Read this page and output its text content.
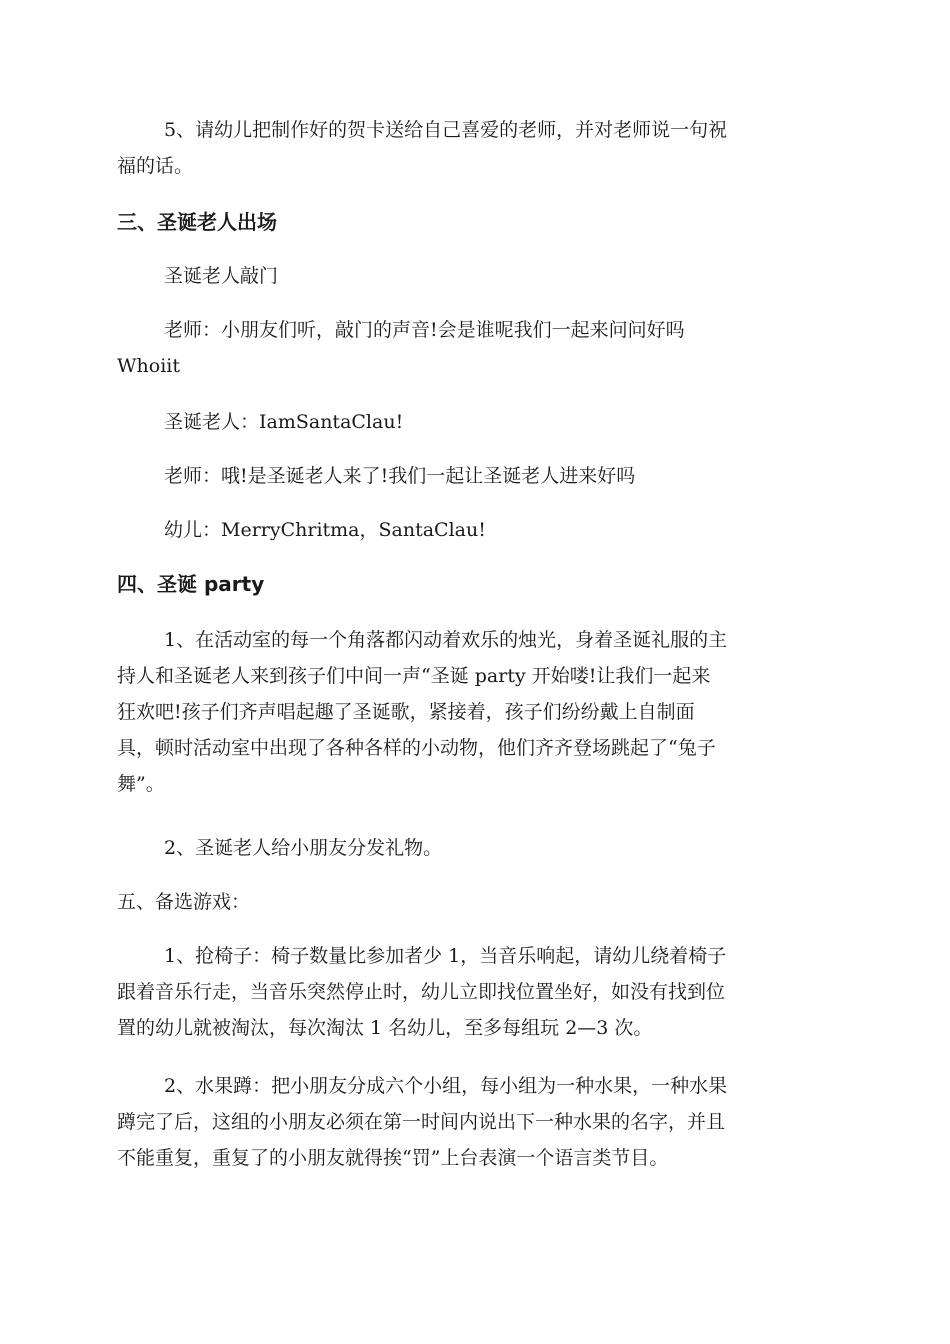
5、请幼儿把制作好的贺卡送给自己喜爱的老师，并对老师说一句祝
福的话。

三、圣诞老人出场

圣诞老人敲门

老师：小朋友们听，敲门的声音!会是谁呢我们一起来问问好吗
Whoiit

圣诞老人：IamSantaClau!

老师：哦!是圣诞老人来了!我们一起让圣诞老人进来好吗

幼儿：MerryChritma，SantaClau!

四、圣诞 party

1、在活动室的每一个角落都闪动着欢乐的烛光，身着圣诞礼服的主
持人和圣诞老人来到孩子们中间一声“圣诞 party 开始喽!让我们一起来
狂欢吧!孩子们齐声唱起趣了圣诞歌，紧接着，孩子们纷纷戴上自制面
具，顿时活动室中出现了各种各样的小动物，他们齐齐登场跳起了“兔子
舞”。

2、圣诞老人给小朋友分发礼物。

五、备选游戏：

1、抢椅子：椅子数量比参加者少 1，当音乐响起，请幼儿绕着椅子
跟着音乐行走，当音乐突然停止时，幼儿立即找位置坐好，如没有找到位
置的幼儿就被淘汰，每次淘汰 1 名幼儿，至多每组玩 2—3 次。

2、水果蹲：把小朋友分成六个小组，每小组为一种水果，一种水果
蹲完了后，这组的小朋友必须在第一时间内说出下一种水果的名字，并且
不能重复，重复了的小朋友就得挨“罚”上台表演一个语言类节目。
